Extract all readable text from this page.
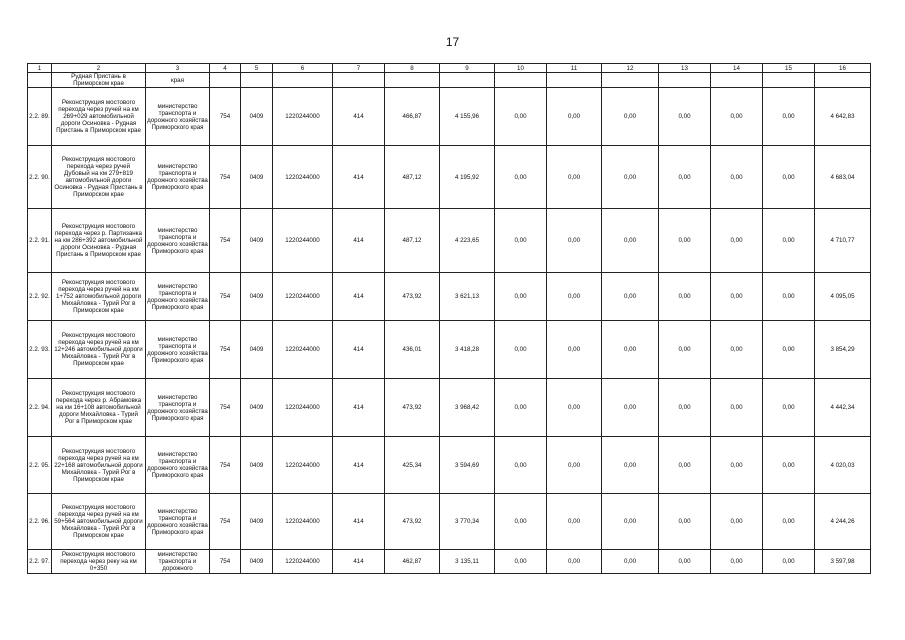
17
1	2	3	4	5	6	7	8	9	10	11	12	13	14	15	16
	Рудная Пристань в Приморском крае	края													
2.2. 89.	Реконструкция мостового перехода через ручей на км 269+029 автомобильной дороги Осиновка - Рудная Пристань в Приморском крае	министерство транспорта и дорожного хозяйства Приморского края	754	0409	1220244000	414	466,87	4 155,96	0,00	0,00	0,00	0,00	0,00	0,00	4 642,83
2.2. 90.	Реконструкция мостового перехода через ручей Дубовый на км 279+819 автомобильной дороги Осиновка - Рудная Пристань в Приморском крае	министерство транспорта и дорожного хозяйства Приморского края	754	0409	1220244000	414	487,12	4 195,92	0,00	0,00	0,00	0,00	0,00	0,00	4 683,04
2.2. 91.	Реконструкция мостового перехода через р. Партизанка на км 286+392 автомобильной дороги Осиновка - Рудная Пристань в Приморском крае	министерство транспорта и дорожного хозяйства Приморского края	754	0409	1220244000	414	487,12	4 223,65	0,00	0,00	0,00	0,00	0,00	0,00	4 710,77
2.2. 92.	Реконструкция мостового перехода через ручей на км 1+752 автомобильной дороги Михайловка - Турий Рог в Приморском крае	министерство транспорта и дорожного хозяйства Приморского края	754	0409	1220244000	414	473,92	3 621,13	0,00	0,00	0,00	0,00	0,00	0,00	4 095,05
2.2. 93.	Реконструкция мостового перехода через ручей на км 12+246 автомобильной дороги Михайловка - Турий Рог в Приморском крае	министерство транспорта и дорожного хозяйства Приморского края	754	0409	1220244000	414	436,01	3 418,28	0,00	0,00	0,00	0,00	0,00	0,00	3 854,29
2.2. 94.	Реконструкция мостового перехода через р. Абрамовка на км 16+108 автомобильной дороги Михайловка - Турий Рог в Приморском крае	министерство транспорта и дорожного хозяйства Приморского края	754	0409	1220244000	414	473,92	3 968,42	0,00	0,00	0,00	0,00	0,00	0,00	4 442,34
2.2. 95.	Реконструкция мостового перехода через ручей на км 22+168 автомобильной дороги Михайловка - Турий Рог в Приморском крае	министерство транспорта и дорожного хозяйства Приморского края	754	0409	1220244000	414	425,34	3 594,69	0,00	0,00	0,00	0,00	0,00	0,00	4 020,03
2.2. 96.	Реконструкция мостового перехода через ручей на км 59+564 автомобильной дороги Михайловка - Турий Рог в Приморском крае	министерство транспорта и дорожного хозяйства Приморского края	754	0409	1220244000	414	473,92	3 770,34	0,00	0,00	0,00	0,00	0,00	0,00	4 244,26
2.2. 97.	Реконструкция мостового перехода через реку на км 0+350	министерство транспорта и дорожного	754	0409	1220244000	414	462,87	3 135,11	0,00	0,00	0,00	0,00	0,00	0,00	3 597,98
